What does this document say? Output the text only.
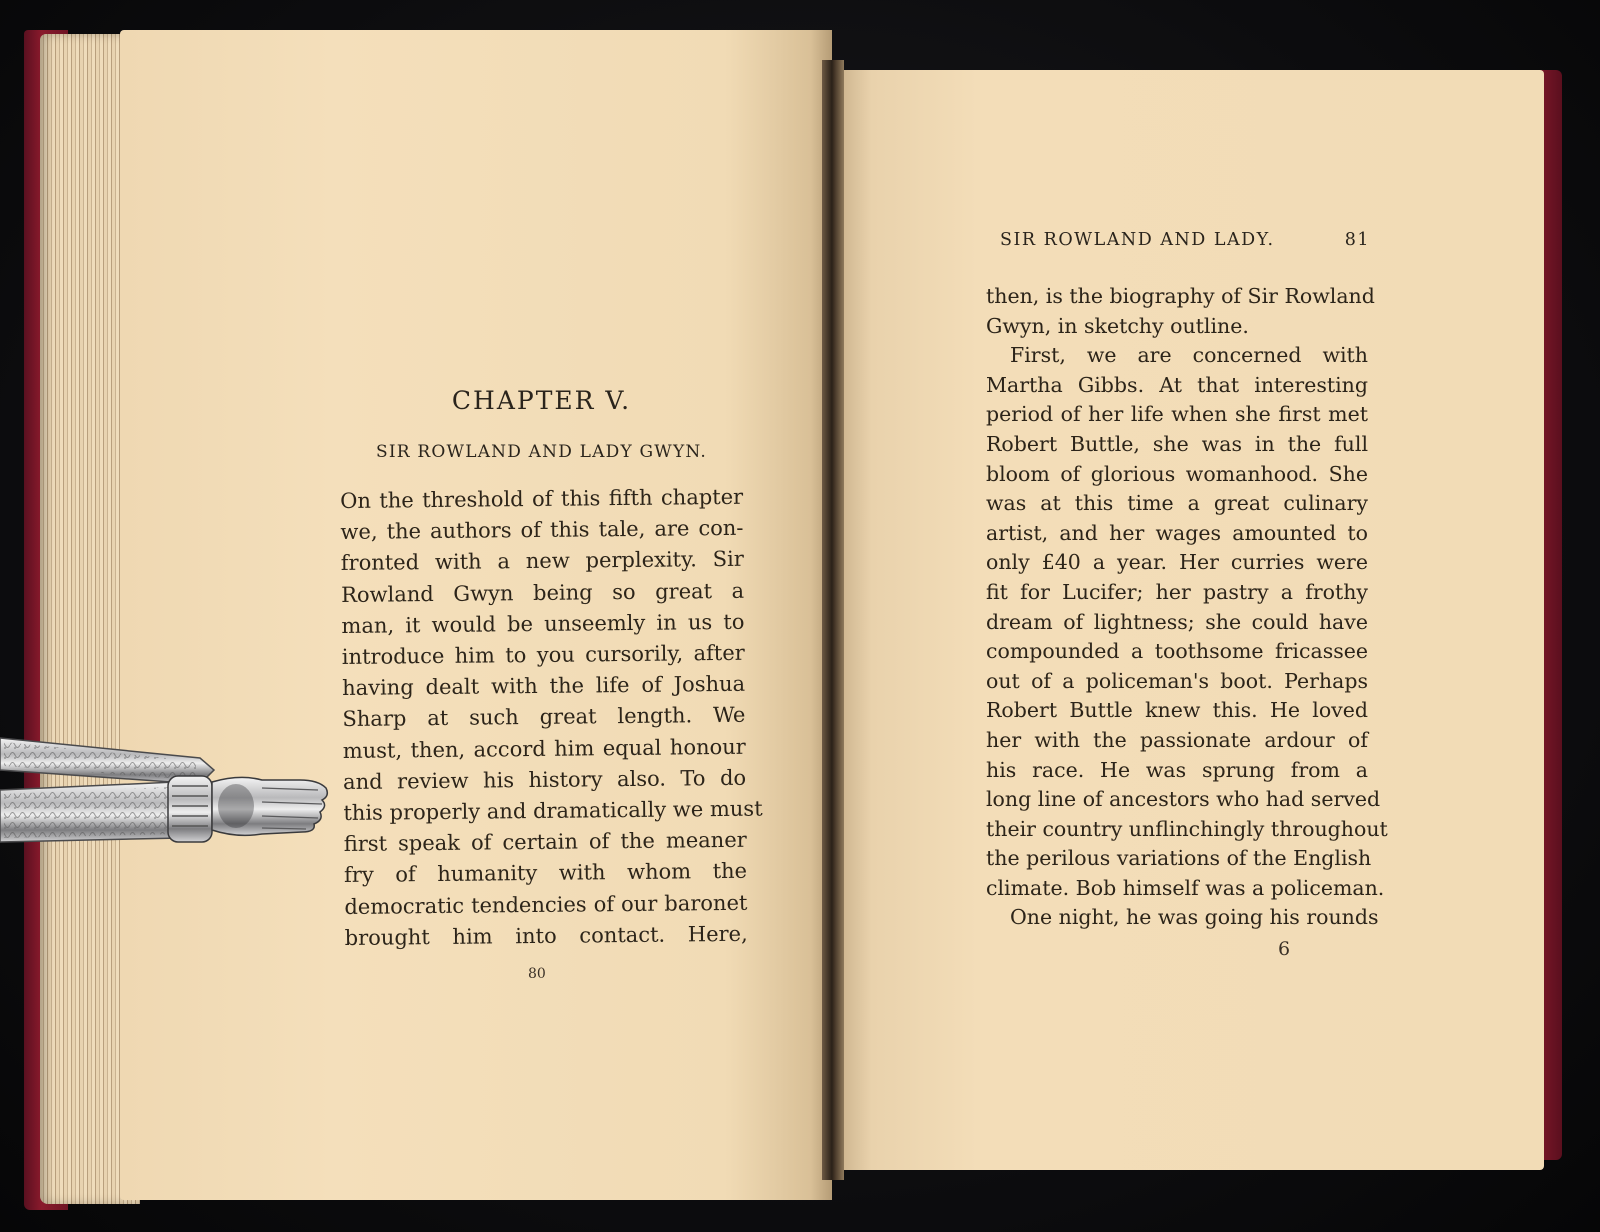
CHAPTER V.
SIR ROWLAND AND LADY GWYN.
On the threshold of this fifth chapter
we, the authors of this tale, are con-
fronted with a new perplexity. Sir
Rowland Gwyn being so great a
man, it would be unseemly in us to
introduce him to you cursorily, after
having dealt with the life of Joshua
Sharp at such great length. We
must, then, accord him equal honour
and review his history also. To do
this properly and dramatically we must
first speak of certain of the meaner
fry of humanity with whom the
democratic tendencies of our baronet
brought him into contact. Here,
80
SIR ROWLAND AND LADY.	81
then, is the biography of Sir Rowland
Gwyn, in sketchy outline.
First, we are concerned with
Martha Gibbs. At that interesting
period of her life when she first met
Robert Buttle, she was in the full
bloom of glorious womanhood. She
was at this time a great culinary
artist, and her wages amounted to
only £40 a year. Her curries were
fit for Lucifer; her pastry a frothy
dream of lightness; she could have
compounded a toothsome fricassee
out of a policeman's boot. Perhaps
Robert Buttle knew this. He loved
her with the passionate ardour of
his race. He was sprung from a
long line of ancestors who had served
their country unflinchingly throughout
the perilous variations of the English
climate. Bob himself was a policeman.
One night, he was going his rounds
6
